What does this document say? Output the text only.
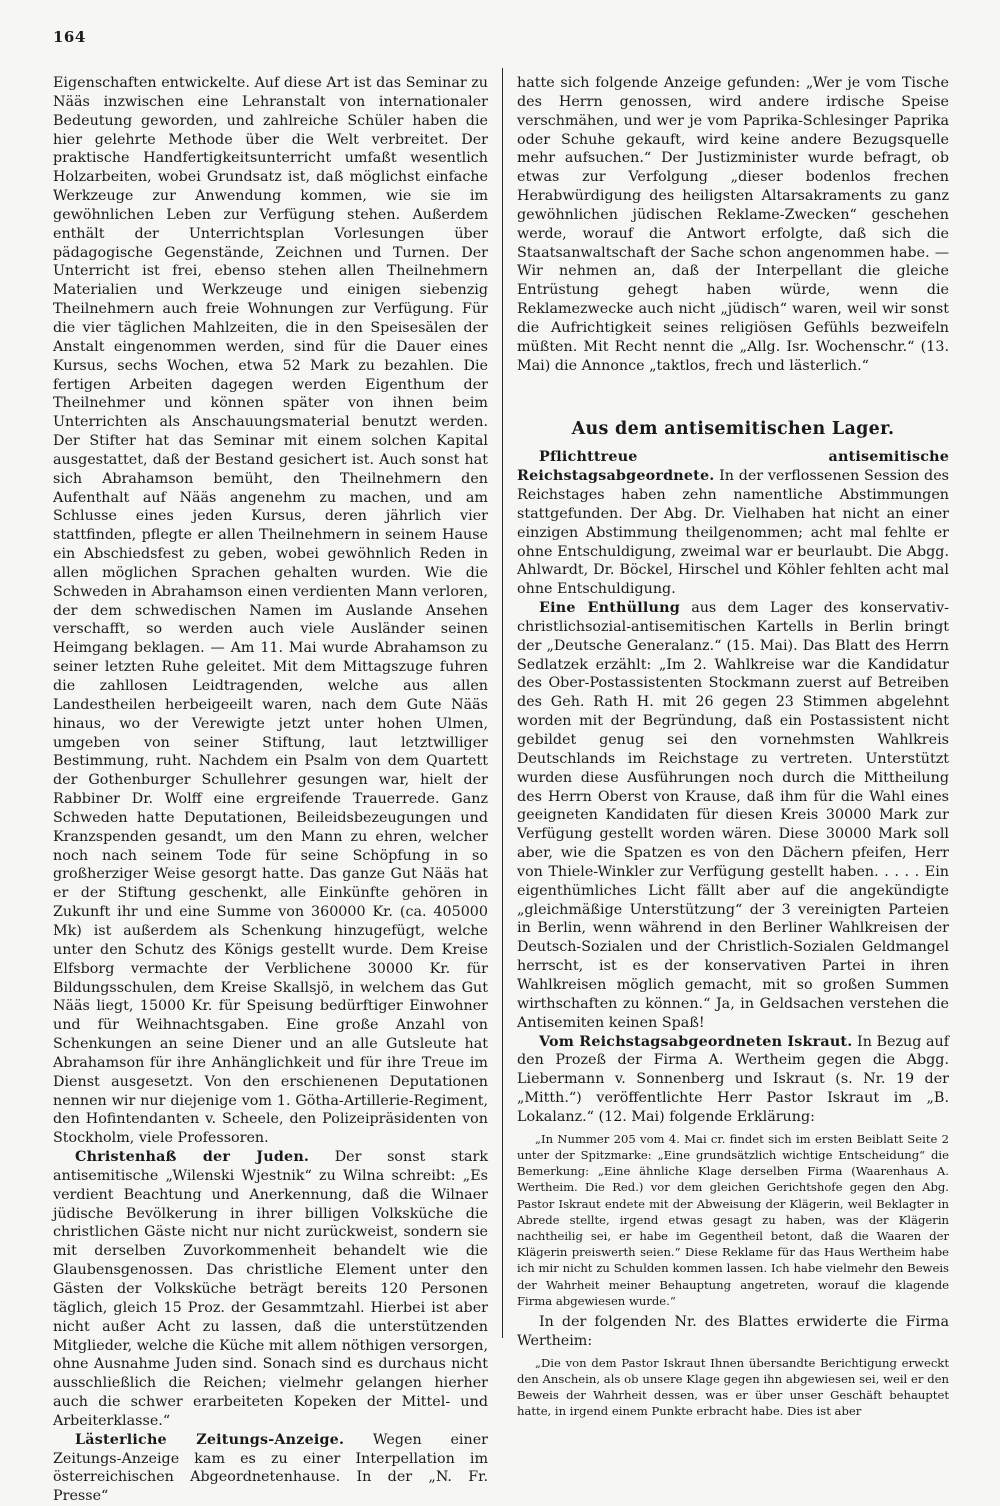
164

Eigenschaften entwickelte. Auf diese Art ist das Seminar zu Nääs inzwischen eine Lehranstalt von internationaler Bedeutung geworden, und zahlreiche Schüler haben die hier gelehrte Methode über die Welt verbreitet. Der praktische Handfertigkeitsunterricht umfaßt wesentlich Holzarbeiten, wobei Grundsatz ist, daß möglichst einfache Werkzeuge zur Anwendung kommen, wie sie im gewöhnlichen Leben zur Verfügung stehen. Außerdem enthält der Unterrichtsplan Vorlesungen über pädagogische Gegenstände, Zeichnen und Turnen. Der Unterricht ist frei, ebenso stehen allen Theilnehmern Materialien und Werkzeuge und einigen siebenzig Theilnehmern auch freie Wohnungen zur Verfügung. Für die vier täglichen Mahlzeiten, die in den Speisesälen der Anstalt eingenommen werden, sind für die Dauer eines Kursus, sechs Wochen, etwa 52 Mark zu bezahlen. Die fertigen Arbeiten dagegen werden Eigenthum der Theilnehmer und können später von ihnen beim Unterrichten als Anschauungsmaterial benutzt werden. Der Stifter hat das Seminar mit einem solchen Kapital ausgestattet, daß der Bestand gesichert ist. Auch sonst hat sich Abrahamson bemüht, den Theilnehmern den Aufenthalt auf Nääs angenehm zu machen, und am Schlusse eines jeden Kursus, deren jährlich vier stattfinden, pflegte er allen Theilnehmern in seinem Hause ein Abschiedsfest zu geben, wobei gewöhnlich Reden in allen möglichen Sprachen gehalten wurden. Wie die Schweden in Abrahamson einen verdienten Mann verloren, der dem schwedischen Namen im Auslande Ansehen verschafft, so werden auch viele Ausländer seinen Heimgang beklagen. — Am 11. Mai wurde Abrahamson zu seiner letzten Ruhe geleitet. Mit dem Mittagszuge fuhren die zahllosen Leidtragenden, welche aus allen Landestheilen herbeigeeilt waren, nach dem Gute Nääs hinaus, wo der Verewigte jetzt unter hohen Ulmen, umgeben von seiner Stiftung, laut letztwilliger Bestimmung, ruht. Nachdem ein Psalm von dem Quartett der Gothenburger Schullehrer gesungen war, hielt der Rabbiner Dr. Wolff eine ergreifende Trauerrede. Ganz Schweden hatte Deputationen, Beileidsbezeugungen und Kranzspenden gesandt, um den Mann zu ehren, welcher noch nach seinem Tode für seine Schöpfung in so großherziger Weise gesorgt hatte. Das ganze Gut Nääs hat er der Stiftung geschenkt, alle Einkünfte gehören in Zukunft ihr und eine Summe von 360000 Kr. (ca. 405000 Mk) ist außerdem als Schenkung hinzugefügt, welche unter den Schutz des Königs gestellt wurde. Dem Kreise Elfsborg vermachte der Verblichene 30000 Kr. für Bildungsschulen, dem Kreise Skallsjö, in welchem das Gut Nääs liegt, 15000 Kr. für Speisung bedürftiger Einwohner und für Weihnachtsgaben. Eine große Anzahl von Schenkungen an seine Diener und an alle Gutsleute hat Abrahamson für ihre Anhänglichkeit und für ihre Treue im Dienst ausgesetzt. Von den erschienenen Deputationen nennen wir nur diejenige vom 1. Götha-Artillerie-Regiment, den Hofintendanten v. Scheele, den Polizeipräsidenten von Stockholm, viele Professoren.

Christenhaß der Juden. Der sonst stark antisemitische „Wilenski Wjestnik“ zu Wilna schreibt: „Es verdient Beachtung und Anerkennung, daß die Wilnaer jüdische Bevölkerung in ihrer billigen Volksküche die christlichen Gäste nicht nur nicht zurückweist, sondern sie mit derselben Zuvorkommenheit behandelt wie die Glaubensgenossen. Das christliche Element unter den Gästen der Volksküche beträgt bereits 120 Personen täglich, gleich 15 Proz. der Gesammtzahl. Hierbei ist aber nicht außer Acht zu lassen, daß die unterstützenden Mitglieder, welche die Küche mit allem nöthigen versorgen, ohne Ausnahme Juden sind. Sonach sind es durchaus nicht ausschließlich die Reichen; vielmehr gelangen hierher auch die schwer erarbeiteten Kopeken der Mittel- und Arbeiterklasse.“

Lästerliche Zeitungs-Anzeige. Wegen einer Zeitungs-Anzeige kam es zu einer Interpellation im österreichischen Abgeordnetenhause. In der „N. Fr. Presse“

hatte sich folgende Anzeige gefunden: „Wer je vom Tische des Herrn genossen, wird andere irdische Speise verschmähen, und wer je vom Paprika-Schlesinger Paprika oder Schuhe gekauft, wird keine andere Bezugsquelle mehr aufsuchen.“ Der Justizminister wurde befragt, ob etwas zur Verfolgung „dieser bodenlos frechen Herabwürdigung des heiligsten Altarsakraments zu ganz gewöhnlichen jüdischen Reklame-Zwecken“ geschehen werde, worauf die Antwort erfolgte, daß sich die Staatsanwaltschaft der Sache schon angenommen habe. — Wir nehmen an, daß der Interpellant die gleiche Entrüstung gehegt haben würde, wenn die Reklamezwecke auch nicht „jüdisch“ waren, weil wir sonst die Aufrichtigkeit seines religiösen Gefühls bezweifeln müßten. Mit Recht nennt die „Allg. Isr. Wochenschr.“ (13. Mai) die Annonce „taktlos, frech und lästerlich.“

Aus dem antisemitischen Lager.

Pflichttreue antisemitische Reichstagsabgeordnete. In der verflossenen Session des Reichstages haben zehn namentliche Abstimmungen stattgefunden. Der Abg. Dr. Vielhaben hat nicht an einer einzigen Abstimmung theilgenommen; acht mal fehlte er ohne Entschuldigung, zweimal war er beurlaubt. Die Abgg. Ahlwardt, Dr. Böckel, Hirschel und Köhler fehlten acht mal ohne Entschuldigung.

Eine Enthüllung aus dem Lager des konservativ-christlichsozial-antisemitischen Kartells in Berlin bringt der „Deutsche Generalanz.“ (15. Mai). Das Blatt des Herrn Sedlatzek erzählt: „Im 2. Wahlkreise war die Kandidatur des Ober-Postassistenten Stockmann zuerst auf Betreiben des Geh. Rath H. mit 26 gegen 23 Stimmen abgelehnt worden mit der Begründung, daß ein Postassistent nicht gebildet genug sei den vornehmsten Wahlkreis Deutschlands im Reichstage zu vertreten. Unterstützt wurden diese Ausführungen noch durch die Mittheilung des Herrn Oberst von Krause, daß ihm für die Wahl eines geeigneten Kandidaten für diesen Kreis 30000 Mark zur Verfügung gestellt worden wären. Diese 30000 Mark soll aber, wie die Spatzen es von den Dächern pfeifen, Herr von Thiele-Winkler zur Verfügung gestellt haben. . . . . Ein eigenthümliches Licht fällt aber auf die angekündigte „gleichmäßige Unterstützung“ der 3 vereinigten Parteien in Berlin, wenn während in den Berliner Wahlkreisen der Deutsch-Sozialen und der Christlich-Sozialen Geldmangel herrscht, ist es der konservativen Partei in ihren Wahlkreisen möglich gemacht, mit so großen Summen wirthschaften zu können.“ Ja, in Geldsachen verstehen die Antisemiten keinen Spaß!

Vom Reichstagsabgeordneten Iskraut. In Bezug auf den Prozeß der Firma A. Wertheim gegen die Abgg. Liebermann v. Sonnenberg und Iskraut (s. Nr. 19 der „Mitth.“) veröffentlichte Herr Pastor Iskraut im „B. Lokalanz.“ (12. Mai) folgende Erklärung:

„In Nummer 205 vom 4. Mai cr. findet sich im ersten Beiblatt Seite 2 unter der Spitzmarke: „Eine grundsätzlich wichtige Entscheidung“ die Bemerkung: „Eine ähnliche Klage derselben Firma (Waarenhaus A. Wertheim. Die Red.) vor dem gleichen Gerichtshofe gegen den Abg. Pastor Iskraut endete mit der Abweisung der Klägerin, weil Beklagter in Abrede stellte, irgend etwas gesagt zu haben, was der Klägerin nachtheilig sei, er habe im Gegentheil betont, daß die Waaren der Klägerin preiswerth seien.“ Diese Reklame für das Haus Wertheim habe ich mir nicht zu Schulden kommen lassen. Ich habe vielmehr den Beweis der Wahrheit meiner Behauptung angetreten, worauf die klagende Firma abgewiesen wurde.“

In der folgenden Nr. des Blattes erwiderte die Firma Wertheim:

„Die von dem Pastor Iskraut Ihnen übersandte Berichtigung erweckt den Anschein, als ob unsere Klage gegen ihn abgewiesen sei, weil er den Beweis der Wahrheit dessen, was er über unser Geschäft behauptet hatte, in irgend einem Punkte erbracht habe. Dies ist aber
